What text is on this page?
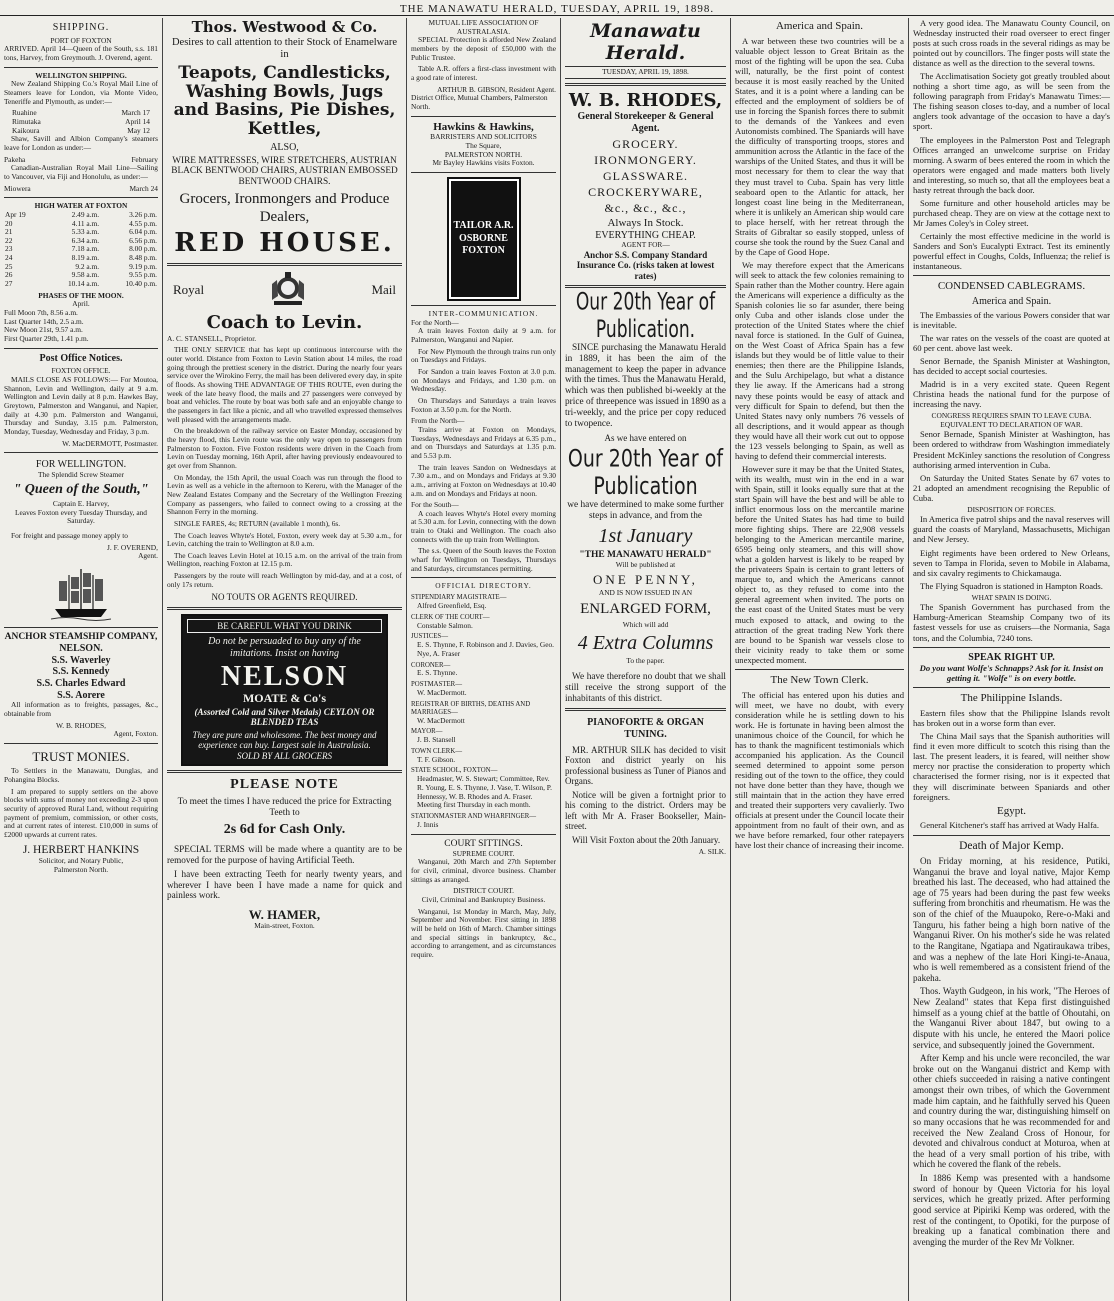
THE MANAWATU HERALD, TUESDAY, APRIL 19, 1898.
SHIPPING.
PORT OF FOXTON

ARRIVED. April 14—Queen of the South, s.s. 181 tons, Harvey, from Greymouth. J. Overend, agent.

WELLINGTON SHIPPING.

New Zealand Shipping Co.'s Royal Mail Line of Steamers leave for London, via Monte Video, Teneriffe and Plymouth, as under:—

Ruahine	March 17
Rimutaka	April 14
Kaikoura	May 12

Shaw, Savill and Albion Company's steamers leave for London as under:—

Pakeha	February

Canadian-Australian Royal Mail Line—Sailing to Vancouver, via Fiji and Honolulu, as under:—

Miowera	March 24
HIGH WATER AT FOXTON
Apr 19	2.49 a.m.	3.26 p.m.
20	4.11 a.m.	4.55 p.m.
21	5.33 a.m.	6.04 p.m.
22	6.34 a.m.	6.56 p.m.
23	7.18 a.m.	8.00 p.m.
24	8.19 a.m.	8.48 p.m.
25	9.2 a.m.	9.19 p.m.
26	9.58 a.m.	9.55 p.m.
27	10.14 a.m.	10.40 p.m.
PHASES OF THE MOON.
April.
Full Moon 7th, 8.56 a.m.
Last Quarter 14th, 2.5 a.m.
New Moon 21st, 9.57 a.m.
First Quarter 29th, 1.41 p.m.
Post Office Notices.
FOXTON OFFICE.

MAILS CLOSE AS FOLLOWS:— For Moutoa, Shannon, Levin and Wellington, daily at 9 a.m. Wellington and Levin daily at 8 p.m. Hawkes Bay, Greytown, Palmerston and Wanganui, and Napier, daily at 4.30 p.m. Palmerston and Wanganui, Thursday and Sunday, 3.15 p.m. Palmerston, Monday, Tuesday, Wednesday and Friday, 3 p.m.

W. MacDERMOTT, Postmaster.
FOR WELLINGTON.
The Splendid Screw Steamer
" Queen of the South,"
Captain E. Harvey,

Leaves Foxton every Tuesday Thursday, and Saturday.

For freight and passage money apply to

J. F. OVEREND,
Agent.
ANCHOR STEAMSHIP COMPANY,
NELSON.
S.S. Waverley
S.S. Kennedy
S.S. Charles Edward
S.S. Aorere

All information as to freights, passages, &c., obtainable from

W. B. RHODES,
Agent, Foxton.
TRUST MONIES.

To Settlers in the Manawatu, Dunglas, and Pohangina Blocks.

I am prepared to supply settlers on the above blocks with sums of money not exceeding 2-3 upon security of approved Rural Land, without requiring payment of premium, commission, or other costs, and at current rates of interest. £10,000 in sums of £2000 upwards at current rates.

J. HERBERT HANKINS
Solicitor, and Notary Public,
Palmerston North.
Thos. Westwood & Co.
Desires to call attention to their Stock of Enamelware in
Teapots, Candlesticks, Washing Bowls, Jugs and Basins, Pie Dishes, Kettles,
ALSO,
WIRE MATTRESSES, WIRE STRETCHERS, AUSTRIAN BLACK BENTWOOD CHAIRS, AUSTRIAN EMBOSSED BENTWOOD CHAIRS.
Grocers, Ironmongers and Produce Dealers,
RED HOUSE.
Royal	Mail
Coach to Levin.
A. C. STANSELL, Proprietor.

THE ONLY SERVICE that has kept up continuous intercourse with the outer world. Distance from Foxton to Levin Station about 14 miles, the road going through the prettiest scenery in the district. During the nearly four years service over the Wirokino Ferry, the mail has been delivered every day, in spite of floods. As showing THE ADVANTAGE OF THIS ROUTE, even during the week of the late heavy flood, the mails and 27 passengers were conveyed by boat and vehicles. The route by boat was both safe and an enjoyable change to the passengers in fact like a picnic, and all who travelled expressed themselves well pleased with the arrangements made.

On the breakdown of the railway service on Easter Monday, occasioned by the heavy flood, this Levin route was the only way open to passengers from Palmerston to Foxton. Five Foxton residents were driven in the Coach from Levin on Tuesday morning, 16th April, after having previously endeavoured to get over from Shannon.

On Monday, the 15th April, the usual Coach was run through the flood to Levin as well as a vehicle in the afternoon to Kereru, with the Manager of the New Zealand Estates Company and the Secretary of the Wellington Freezing Company as passengers, who failed to connect owing to a crossing at the Shannon Ferry in the morning.

SINGLE FARES, 4s; RETURN (available 1 month), 6s.

The Coach leaves Whyte's Hotel, Foxton, every week day at 5.30 a.m., for Levin, catching the train to Wellington at 8.0 a.m.

The Coach leaves Levin Hotel at 10.15 a.m. on the arrival of the train from Wellington, reaching Foxton at 12.15 p.m.

Passengers by the route will reach Wellington by mid-day, and at a cost, of only 17s return.

NO TOUTS OR AGENTS REQUIRED.
BE CAREFUL WHAT YOU DRINK
Do not be persuaded to buy any of the imitations. Insist on having
NELSON
MOATE & Co's
(Assorted Cold and Silver Medals) CEYLON OR BLENDED TEAS
They are pure and wholesome. The best money and experience can buy. Largest sale in Australasia. SOLD BY ALL GROCERS
PLEASE NOTE

To meet the times I have reduced the price for Extracting Teeth to

2s 6d for Cash Only.

SPECIAL TERMS will be made where a quantity are to be removed for the purpose of having Artificial Teeth.

I have been extracting Teeth for nearly twenty years, and wherever I have been I have made a name for quick and painless work.

W. HAMER,
Main-street, Foxton.
MUTUAL LIFE ASSOCIATION OF AUSTRALASIA.

SPECIAL Protection is afforded New Zealand members by the deposit of £50,000 with the Public Trustee.

Table A.R. offers a first-class investment with a good rate of interest.

ARTHUR B. GIBSON, Resident Agent.
District Office, Mutual Chambers, Palmerston North.
Hawkins & Hawkins,
BARRISTERS AND SOLICITORS
The Square,
PALMERSTON NORTH.
Mr Bayley Hawkins visits Foxton.
TAILOR A.R. OSBORNE FOXTON
INTER-COMMUNICATION.
For the North—

A train leaves Foxton daily at 9 a.m. for Palmerston, Wanganui and Napier.

For New Plymouth the through trains run only on Tuesdays and Fridays.

For Sandon a train leaves Foxton at 3.0 p.m. on Mondays and Fridays, and 1.30 p.m. on Wednesday.

On Thursdays and Saturdays a train leaves Foxton at 3.50 p.m. for the North.

From the North—

Trains arrive at Foxton on Mondays, Tuesdays, Wednesdays and Fridays at 6.35 p.m., and on Thursdays and Saturdays at 1.35 p.m. and 5.53 p.m.

The train leaves Sandon on Wednesdays at 7.30 a.m., and on Mondays and Fridays at 9.30 a.m., arriving at Foxton on Wednesdays at 10.40 a.m. and on Mondays and Fridays at noon.

For the South—

A coach leaves Whyte's Hotel every morning at 5.30 a.m. for Levin, connecting with the down train to Otaki and Wellington. The coach also connects with the up train from Wellington.

The s.s. Queen of the South leaves the Foxton wharf for Wellington on Tuesdays, Thursdays and Saturdays, circumstances permitting.

OFFICIAL DIRECTORY.
STIPENDIARY MAGISTRATE—
Alfred Greenfield, Esq.
CLERK OF THE COURT—
Constable Salmon.
JUSTICES—
E. S. Thynne, F. Robinson and J. Davies, Geo. Nye, A. Fraser
CORONER—
E. S. Thynne.
POSTMASTER—
W. MacDermott.
REGISTRAR OF BIRTHS, DEATHS AND MARRIAGES—
W. MacDermott
MAYOR—
J. B. Stansell
TOWN CLERK—
T. F. Gibson.
STATE SCHOOL, FOXTON—
Headmaster, W. S. Stewart; Committee, Rev. R. Young, E. S. Thynne, J. Vase, T. Wilson, P. Hennessy, W. B. Rhodes and A. Fraser. Meeting first Thursday in each month.
STATIONMASTER AND WHARFINGER—
J. Innis
COURT SITTINGS.
SUPREME COURT.

Wanganui, 20th March and 27th September for civil, criminal, divorce business. Chamber sittings as arranged.

DISTRICT COURT.

Civil, Criminal and Bankruptcy Business.

Wanganui, 1st Monday in March, May, July, September and November. First sitting in 1898 will be held on 16th of March. Chamber sittings and special sittings in bankruptcy, &c., according to arrangement, and as circumstances require.

Manawatu Herald.
TUESDAY, APRIL 19, 1898.
W. B. RHODES,
General Storekeeper & General Agent.
GROCERY.
IRONMONGERY.
GLASSWARE.
CROCKERYWARE,
&c., &c., &c.,
Always In Stock.
EVERYTHING CHEAP.
AGENT FOR—
Anchor S.S. Company Standard Insurance Co. (risks taken at lowest rates)
Our 20th Year of Publication.

SINCE purchasing the Manawatu Herald in 1889, it has been the aim of the management to keep the paper in advance with the times. Thus the Manawatu Herald, which was then published bi-weekly at the price of threepence was issued in 1890 as a tri-weekly, and the price per copy reduced to twopence.

As we have entered on
Our 20th Year of Publication

we have determined to make some further steps in advance, and from the

1st January
"THE MANAWATU HERALD"
Will be published at
ONE PENNY,
AND IS NOW ISSUED IN AN
ENLARGED FORM,
Which will add
4 Extra Columns
To the paper.

We have therefore no doubt that we shall still receive the strong support of the inhabitants of this district.

PIANOFORTE & ORGAN TUNING.

MR. ARTHUR SILK has decided to visit Foxton and district yearly on his professional business as Tuner of Pianos and Organs.

Notice will be given a fortnight prior to his coming to the district. Orders may be left with Mr A. Fraser Bookseller, Main-street.

Will Visit Foxton about the 20th January.

A. SILK.
America and Spain.

A war between these two countries will be a valuable object lesson to Great Britain as the most of the fighting will be upon the sea. Cuba will, naturally, be the first point of contest because it is most easily reached by the United States, and it is a point where a landing can be effected and the employment of soldiers be of use in forcing the Spanish forces there to submit to the demands of the Yankees and even Autonomists combined. The Spaniards will have the difficulty of transporting troops, stores and ammunition across the Atlantic in the face of the warships of the United States, and thus it will be most necessary for them to clear the way that they must travel to Cuba. Spain has very little seaboard open to the Atlantic for attack, her longest coast line being in the Mediterranean, where it is unlikely an American ship would care to place herself, with her retreat through the Straits of Gibraltar so easily stopped, unless of course she took the round by the Suez Canal and by the Cape of Good Hope.

We may therefore expect that the Americans will seek to attack the few colonies remaining to Spain rather than the Mother country. Here again the Americans will experience a difficulty as the Spanish colonies lie so far asunder, there being only Cuba and other islands close under the protection of the United States where the chief naval force is stationed. In the Gulf of Guinea, on the West Coast of Africa Spain has a few islands but they would be of little value to their enemies; then there are the Philippine Islands, and the Sulu Archipelago, but what a distance they lie away. If the Americans had a strong navy these points would be easy of attack and very difficult for Spain to defend, but then the United States navy only numbers 76 vessels of all descriptions, and it would appear as though they would have all their work cut out to oppose the 123 vessels belonging to Spain, as well as having to defend their commercial interests.

However sure it may be that the United States, with its wealth, must win in the end in a war with Spain, still it looks equally sure that at the start Spain will have the best and will be able to inflict enormous loss on the mercantile marine before the United States has had time to build more fighting ships. There are 22,908 vessels belonging to the American mercantile marine, 6595 being only steamers, and this will show what a golden harvest is likely to be reaped by the privateers Spain is certain to grant letters of marque to, and which the Americans cannot object to, as they refused to come into the general agreement when invited. The ports on the east coast of the United States must be very much exposed to attack, and owing to the attraction of the great trading New York there are bound to be Spanish war vessels close to their vicinity ready to take them or some unexpected moment.

The New Town Clerk.

The official has entered upon his duties and will meet, we have no doubt, with every consideration while he is settling down to his work. He is fortunate in having been almost the unanimous choice of the Council, for which he has to thank the magnificent testimonials which accompanied his application. As the Council seemed determined to appoint some person residing out of the town to the office, they could not have done better than they have, though we still maintain that in the action they have erred and treated their supporters very cavalierly. Two officials at present under the Council locate their appointment from no fault of their own, and as we have before remarked, four other ratepayers have lost their chance of increasing their income.

A very good idea. The Manawatu County Council, on Wednesday instructed their road overseer to erect finger posts at such cross roads in the several ridings as may be pointed out by councillors. The finger posts will state the distance as well as the direction to the several towns.

The Acclimatisation Society got greatly troubled about nothing a short time ago, as will be seen from the following paragraph from Friday's Manawatu Times:—The fishing season closes to-day, and a number of local anglers took advantage of the occasion to have a day's sport.

The employees in the Palmerston Post and Telegraph Offices arranged an unwelcome surprise on Friday morning. A swarm of bees entered the room in which the operators were engaged and made matters both lively and interesting, so much so, that all the employees beat a hasty retreat through the back door.

Some furniture and other household articles may be purchased cheap. They are on view at the cottage next to Mr James Coley's in Coley street.

Certainly the most effective medicine in the world is Sanders and Son's Eucalypti Extract. Test its eminently powerful effect in Coughs, Colds, Influenza; the relief is instantaneous.

CONDENSED CABLEGRAMS.
America and Spain.

The Embassies of the various Powers consider that war is inevitable.

The war rates on the vessels of the coast are quoted at 60 per cent. above last week.

Senor Bernade, the Spanish Minister at Washington, has decided to accept social courtesies.

Madrid is in a very excited state. Queen Regent Christina heads the national fund for the purpose of increasing the navy.

CONGRESS REQUIRES SPAIN TO LEAVE CUBA.
EQUIVALENT TO DECLARATION OF WAR.

Senor Bernade, Spanish Minister at Washington, has been ordered to withdraw from Washington immediately President McKinley sanctions the resolution of Congress authorising armed intervention in Cuba.

On Saturday the United States Senate by 67 votes to 21 adopted an amendment recognising the Republic of Cuba.

DISPOSITION OF FORCES.

In America five patrol ships and the naval reserves will guard the coasts of Maryland, Massachusetts, Michigan and New Jersey.

Eight regiments have been ordered to New Orleans, seven to Tampa in Florida, seven to Mobile in Alabama, and six cavalry regiments to Chickamauga.

The Flying Squadron is stationed in Hampton Roads.

WHAT SPAIN IS DOING.

The Spanish Government has purchased from the Hamburg-American Steamship Company two of its fastest vessels for use as cruisers—the Normania, Saga tons, and the Columbia, 7240 tons.

SPEAK RIGHT UP.

Do you want Wolfe's Schnapps? Ask for it. Insist on getting it. "Wolfe" is on every bottle.

The Philippine Islands.

Eastern files show that the Philippine Islands revolt has broken out in a worse form than ever.

The China Mail says that the Spanish authorities will find it even more difficult to scotch this rising than the last. The present leaders, it is feared, will neither show mercy nor practise the consideration to property which characterised the former rising, nor is it expected that they will discriminate between Spaniards and other foreigners.

Egypt.

General Kitchener's staff has arrived at Wady Halfa.

Death of Major Kemp.

On Friday morning, at his residence, Putiki, Wanganui the brave and loyal native, Major Kemp breathed his last. The deceased, who had attained the age of 75 years had been during the past few weeks suffering from bronchitis and rheumatism. He was the son of the chief of the Muaupoko, Rere-o-Maki and Tanguru, his father being a high born native of the Wanganui River. On his mother's side he was related to the Rangitane, Ngatiapa and Ngatiraukawa tribes, and was a nephew of the late Hori Kingi-te-Anaua, who is well remembered as a consistent friend of the pakeha.

Thos. Wayth Gudgeon, in his work, "The Heroes of New Zealand" states that Kepa first distinguished himself as a young chief at the battle of Ohoutahi, on the Wanganui River about 1847, but owing to a dispute with his uncle, he entered the Maori police service, and subsequently joined the Government.

After Kemp and his uncle were reconciled, the war broke out on the Wanganui district and Kemp with other chiefs succeeded in raising a native contingent amongst their own tribes, of which the Government made him captain, and he faithfully served his Queen and country during the war, distinguishing himself on so many occasions that he was recommended for and received the New Zealand Cross of Honour, for devoted and chivalrous conduct at Moturoa, when at the head of a very small portion of his tribe, with which he covered the flank of the rebels.

In 1886 Kemp was presented with a handsome sword of honour by Queen Victoria for his loyal services, which he greatly prized. After performing good service at Pipiriki Kemp was ordered, with the rest of the contingent, to Opotiki, for the purpose of breaking up a fanatical combination there and avenging the murder of the Rev Mr Volkner.
